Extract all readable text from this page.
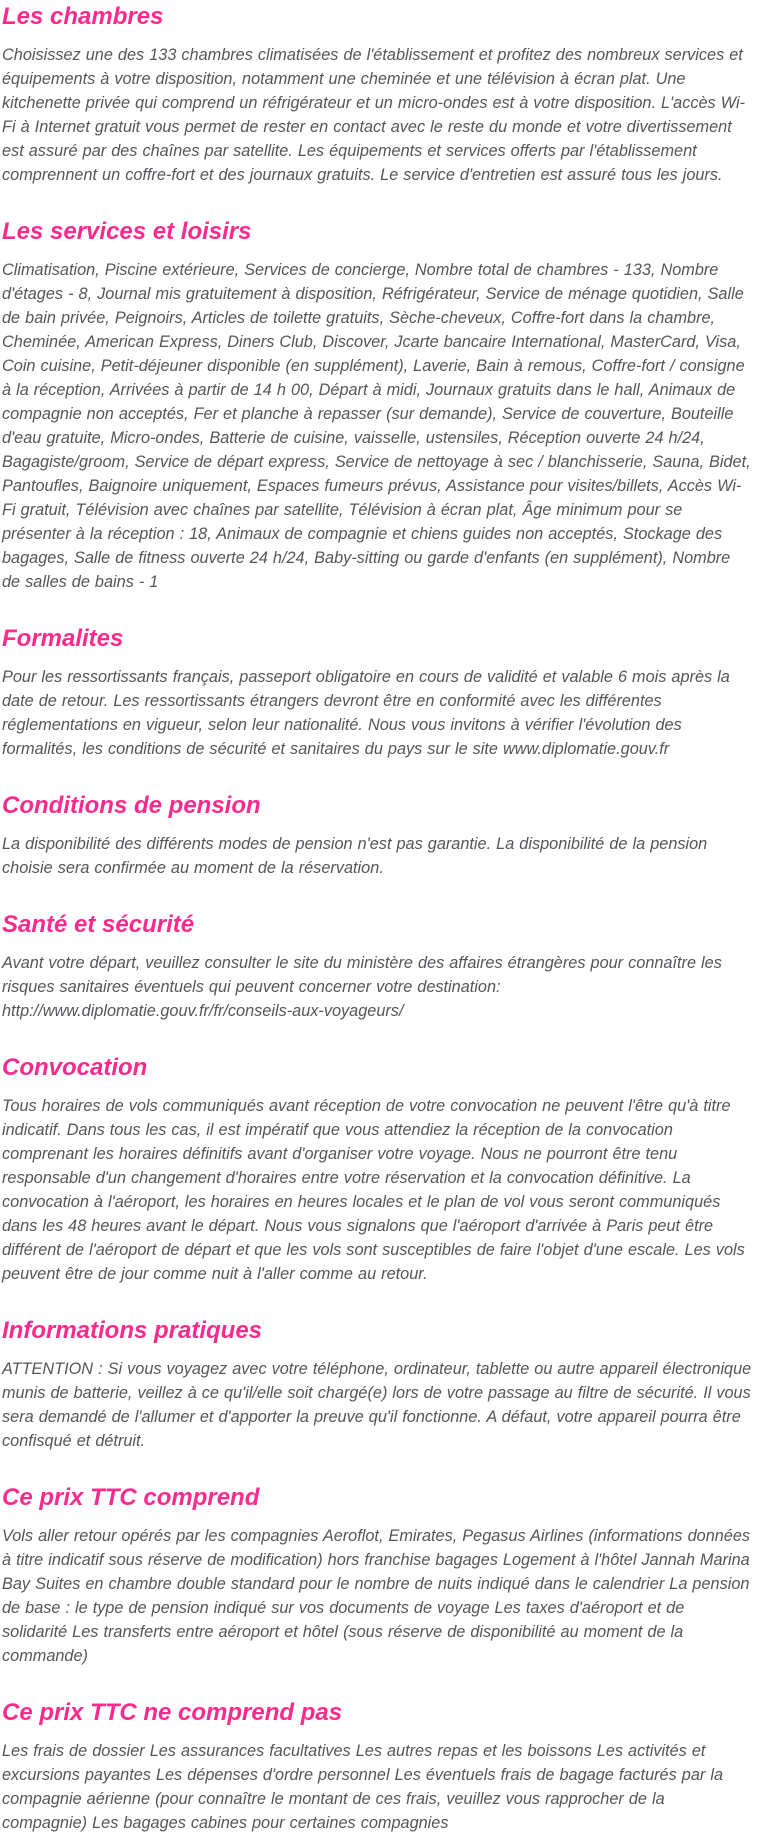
Les chambres

Choisissez une des 133 chambres climatisées de l'établissement et profitez des nombreux services et équipements à votre disposition, notamment une cheminée et une télévision à écran plat. Une kitchenette privée qui comprend un réfrigérateur et un micro-ondes est à votre disposition. L'accès Wi-Fi à Internet gratuit vous permet de rester en contact avec le reste du monde et votre divertissement est assuré par des chaînes par satellite. Les équipements et services offerts par l'établissement comprennent un coffre-fort et des journaux gratuits. Le service d'entretien est assuré tous les jours.

Les services et loisirs

Climatisation, Piscine extérieure, Services de concierge, Nombre total de chambres - 133, Nombre d'étages - 8, Journal mis gratuitement à disposition, Réfrigérateur, Service de ménage quotidien, Salle de bain privée, Peignoirs, Articles de toilette gratuits, Sèche-cheveux, Coffre-fort dans la chambre, Cheminée, American Express, Diners Club, Discover, Jcarte bancaire International, MasterCard, Visa, Coin cuisine, Petit-déjeuner disponible (en supplément), Laverie, Bain à remous, Coffre-fort / consigne à la réception, Arrivées à partir de 14 h 00, Départ à midi, Journaux gratuits dans le hall, Animaux de compagnie non acceptés, Fer et planche à repasser (sur demande), Service de couverture, Bouteille d'eau gratuite, Micro-ondes, Batterie de cuisine, vaisselle, ustensiles, Réception ouverte 24 h/24, Bagagiste/groom, Service de départ express, Service de nettoyage à sec / blanchisserie, Sauna, Bidet, Pantoufles, Baignoire uniquement, Espaces fumeurs prévus, Assistance pour visites/billets, Accès Wi-Fi gratuit, Télévision avec chaînes par satellite, Télévision à écran plat, Âge minimum pour se présenter à la réception : 18, Animaux de compagnie et chiens guides non acceptés, Stockage des bagages, Salle de fitness ouverte 24 h/24, Baby-sitting ou garde d'enfants (en supplément), Nombre de salles de bains - 1

Formalites

Pour les ressortissants français, passeport obligatoire en cours de validité et valable 6 mois après la date de retour. Les ressortissants étrangers devront être en conformité avec les différentes réglementations en vigueur, selon leur nationalité. Nous vous invitons à vérifier l'évolution des formalités, les conditions de sécurité et sanitaires du pays sur le site www.diplomatie.gouv.fr

Conditions de pension

La disponibilité des différents modes de pension n'est pas garantie. La disponibilité de la pension choisie sera confirmée au moment de la réservation.

Santé et sécurité

Avant votre départ, veuillez consulter le site du ministère des affaires étrangères pour connaître les risques sanitaires éventuels qui peuvent concerner votre destination: http://www.diplomatie.gouv.fr/fr/conseils-aux-voyageurs/

Convocation

Tous horaires de vols communiqués avant réception de votre convocation ne peuvent l'être qu'à titre indicatif. Dans tous les cas, il est impératif que vous attendiez la réception de la convocation comprenant les horaires définitifs avant d'organiser votre voyage. Nous ne pourront être tenu responsable d'un changement d'horaires entre votre réservation et la convocation définitive. La convocation à l'aéroport, les horaires en heures locales et le plan de vol vous seront communiqués dans les 48 heures avant le départ. Nous vous signalons que l'aéroport d'arrivée à Paris peut être différent de l'aéroport de départ et que les vols sont susceptibles de faire l'objet d'une escale. Les vols peuvent être de jour comme nuit à l'aller comme au retour.

Informations pratiques

ATTENTION : Si vous voyagez avec votre téléphone, ordinateur, tablette ou autre appareil électronique munis de batterie, veillez à ce qu'il/elle soit chargé(e) lors de votre passage au filtre de sécurité. Il vous sera demandé de l'allumer et d'apporter la preuve qu'il fonctionne. A défaut, votre appareil pourra être confisqué et détruit.

Ce prix TTC comprend

Vols aller retour opérés par les compagnies Aeroflot, Emirates, Pegasus Airlines (informations données à titre indicatif sous réserve de modification) hors franchise bagages Logement à l'hôtel Jannah Marina Bay Suites en chambre double standard pour le nombre de nuits indiqué dans le calendrier La pension de base : le type de pension indiqué sur vos documents de voyage Les taxes d'aéroport et de solidarité Les transferts entre aéroport et hôtel (sous réserve de disponibilité au moment de la commande)

Ce prix TTC ne comprend pas

Les frais de dossier Les assurances facultatives Les autres repas et les boissons Les activités et excursions payantes Les dépenses d'ordre personnel Les éventuels frais de bagage facturés par la compagnie aérienne (pour connaître le montant de ces frais, veuillez vous rapprocher de la compagnie) Les bagages cabines pour certaines compagnies
